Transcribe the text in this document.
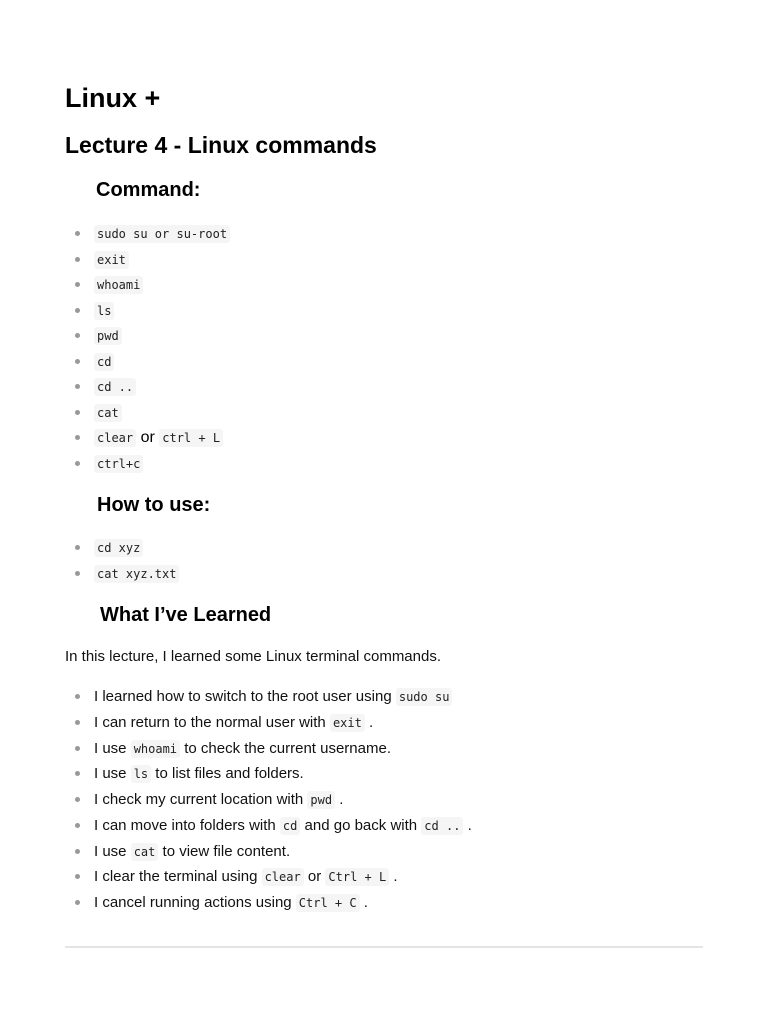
Linux +
Lecture 4 - Linux commands
Command:
sudo su or su-root
exit
whoami
ls
pwd
cd
cd ..
cat
clear or ctrl + L
ctrl+c
How to use:
cd xyz
cat xyz.txt
What I’ve Learned

In this lecture, I learned some Linux terminal commands.

I learned how to switch to the root user using sudo su
I can return to the normal user with exit .
I use whoami to check the current username.
I use ls to list files and folders.
I check my current location with pwd .
I can move into folders with cd and go back with cd .. .
I use cat to view file content.
I clear the terminal using clear or Ctrl + L .
I cancel running actions using Ctrl + C .
